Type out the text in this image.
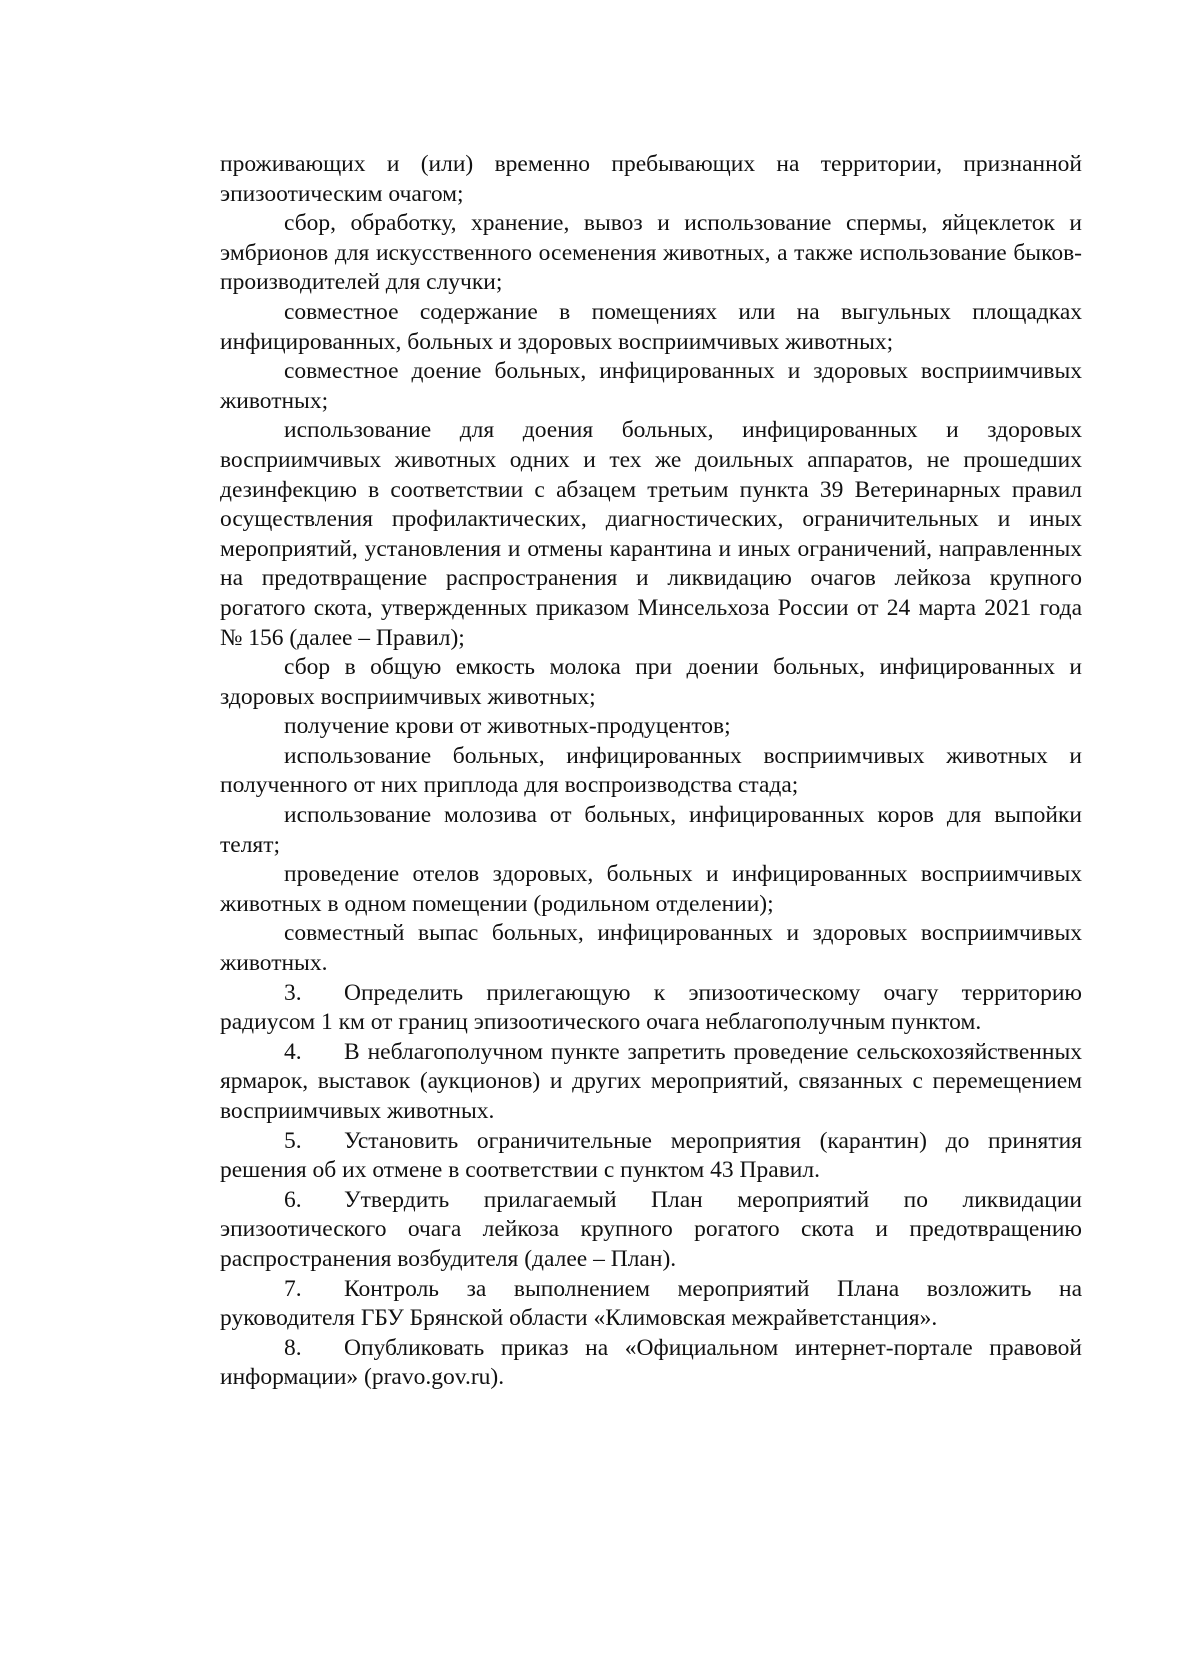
проживающих и (или) временно пребывающих на территории, признанной эпизоотическим очагом;

сбор, обработку, хранение, вывоз и использование спермы, яйцеклеток и эмбрионов для искусственного осеменения животных, а также использование быков-производителей для случки;

совместное содержание в помещениях или на выгульных площадках инфицированных, больных и здоровых восприимчивых животных;

совместное доение больных, инфицированных и здоровых восприимчивых животных;

использование для доения больных, инфицированных и здоровых восприимчивых животных одних и тех же доильных аппаратов, не прошедших дезинфекцию в соответствии с абзацем третьим пункта 39 Ветеринарных правил осуществления профилактических, диагностических, ограничительных и иных мероприятий, установления и отмены карантина и иных ограничений, направленных на предотвращение распространения и ликвидацию очагов лейкоза крупного рогатого скота, утвержденных приказом Минсельхоза России от 24 марта 2021 года № 156 (далее – Правил);

сбор в общую емкость молока при доении больных, инфицированных и здоровых восприимчивых животных;

получение крови от животных-продуцентов;

использование больных, инфицированных восприимчивых животных и полученного от них приплода для воспроизводства стада;

использование молозива от больных, инфицированных коров для выпойки телят;

проведение отелов здоровых, больных и инфицированных восприимчивых животных в одном помещении (родильном отделении);

совместный выпас больных, инфицированных и здоровых восприимчивых животных.

3. Определить прилегающую к эпизоотическому очагу территорию радиусом 1 км от границ эпизоотического очага неблагополучным пунктом.

4. В неблагополучном пункте запретить проведение сельскохозяйственных ярмарок, выставок (аукционов) и других мероприятий, связанных с перемещением восприимчивых животных.

5. Установить ограничительные мероприятия (карантин) до принятия решения об их отмене в соответствии с пунктом 43 Правил.

6. Утвердить прилагаемый План мероприятий по ликвидации эпизоотического очага лейкоза крупного рогатого скота и предотвращению распространения возбудителя (далее – План).

7. Контроль за выполнением мероприятий Плана возложить на руководителя ГБУ Брянской области «Климовская межрайветстанция».

8. Опубликовать приказ на «Официальном интернет-портале правовой информации» (pravo.gov.ru).
